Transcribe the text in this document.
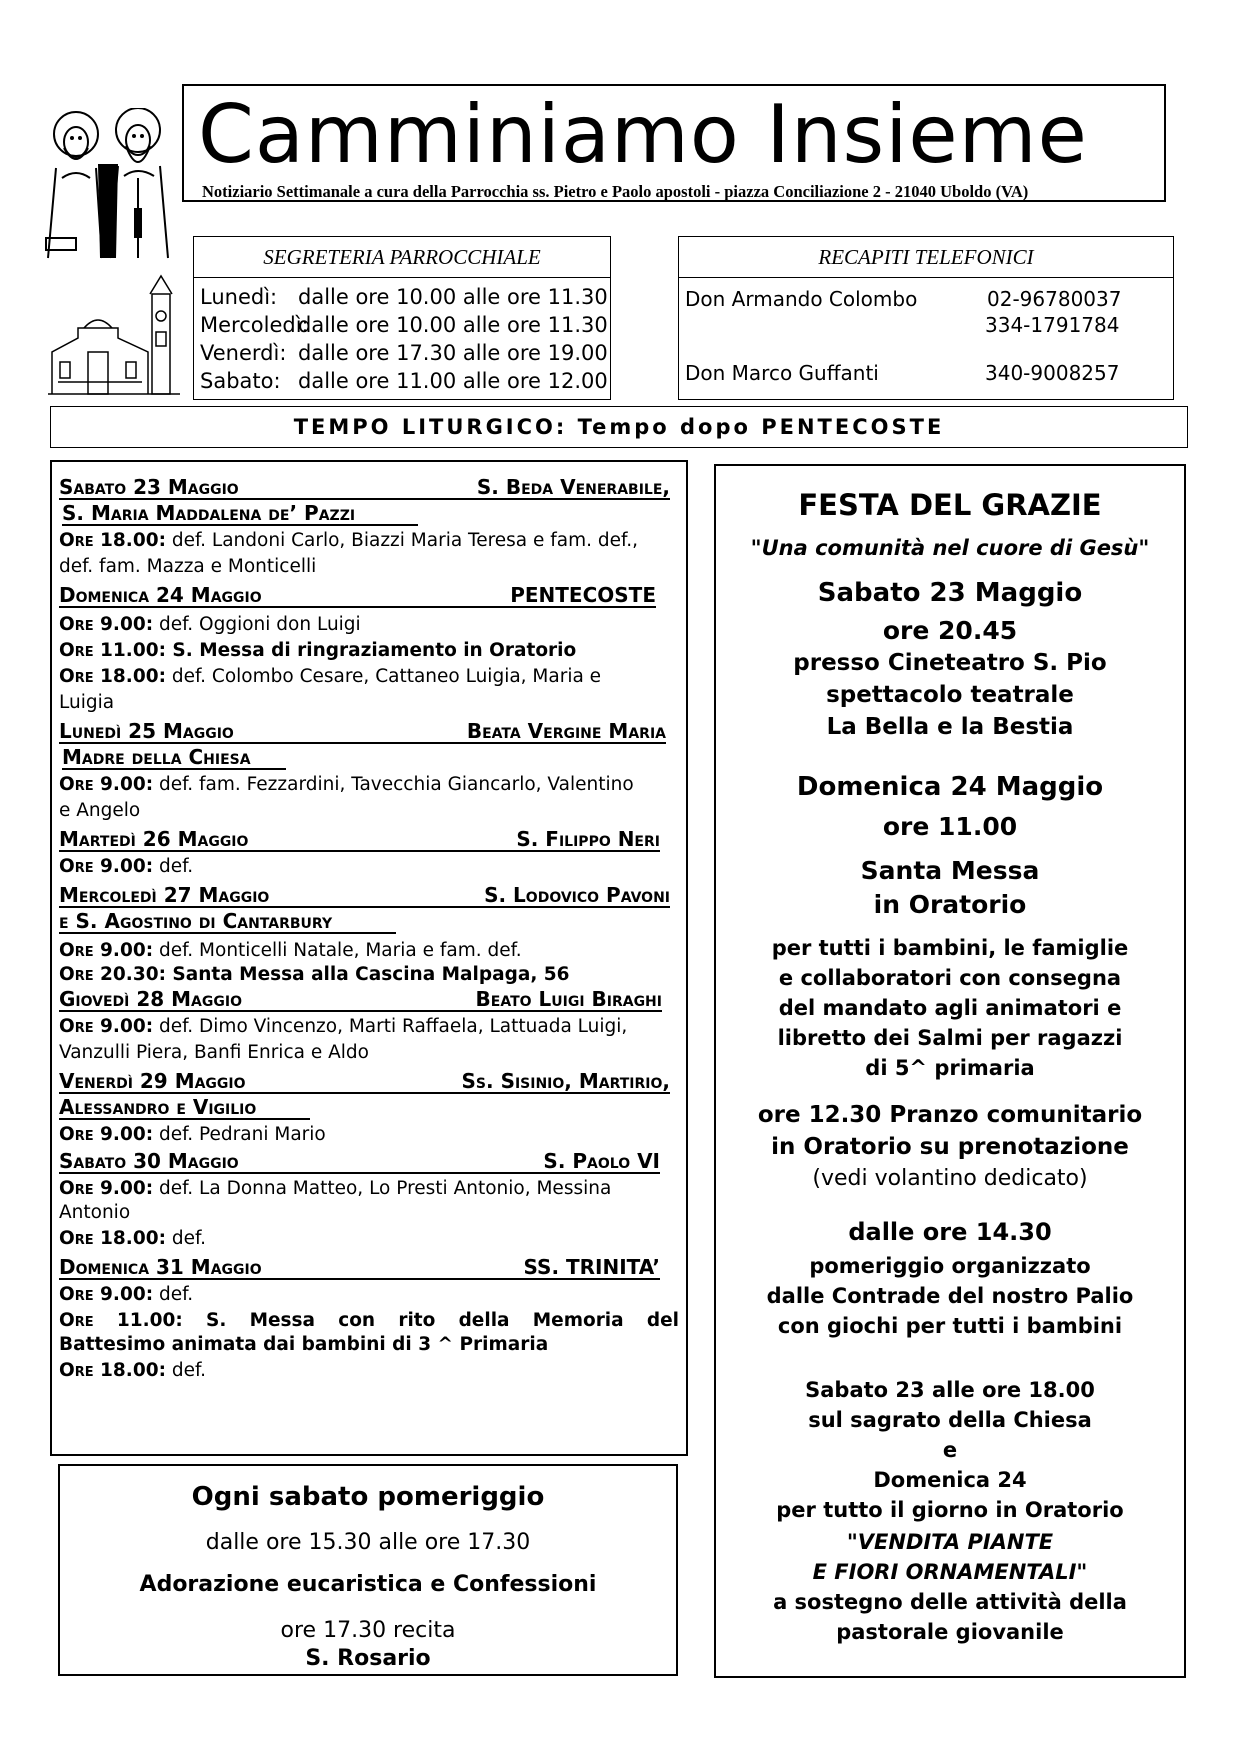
Camminiamo Insieme
Notiziario Settimanale a cura della Parrocchia ss. Pietro e Paolo apostoli - piazza Conciliazione 2 - 21040 Uboldo (VA)
SEGRETERIA PARROCCHIALE
Lunedì: dalle ore 10.00 alle ore 11.30
Mercoledì:dalle ore 10.00 alle ore 11.30
Venerdì: dalle ore 17.30 alle ore 19.00
Sabato: dalle ore 11.00 alle ore 12.00
RECAPITI TELEFONICI
Don Armando Colombo	02-96780037
334-1791784
Don Marco Guffanti	340-9008257
TEMPO LITURGICO: Tempo dopo PENTECOSTE
Sabato 23 Maggio	S. Beda Venerabile,
S. Maria Maddalena de’ Pazzi
Ore 18.00: def. Landoni Carlo, Biazzi Maria Teresa e fam. def.,
def. fam. Mazza e Monticelli
Domenica 24 Maggio	PENTECOSTE
Ore 9.00: def. Oggioni don Luigi
Ore 11.00: S. Messa di ringraziamento in Oratorio
Ore 18.00: def. Colombo Cesare, Cattaneo Luigia, Maria e
Luigia
Lunedì 25 Maggio	Beata Vergine Maria
Madre della Chiesa
Ore 9.00: def. fam. Fezzardini, Tavecchia Giancarlo, Valentino
e Angelo
Martedì 26 Maggio	S. Filippo Neri
Ore 9.00: def.
Mercoledì 27 Maggio	S. Lodovico Pavoni
e S. Agostino di Cantarbury
Ore 9.00: def. Monticelli Natale, Maria e fam. def.
Ore 20.30: Santa Messa alla Cascina Malpaga, 56
Giovedì 28 Maggio	Beato Luigi Biraghi
Ore 9.00: def. Dimo Vincenzo, Marti Raffaela, Lattuada Luigi,
Vanzulli Piera, Banfi Enrica e Aldo
Venerdì 29 Maggio	Ss. Sisinio, Martirio,
Alessandro e Vigilio
Ore 9.00: def. Pedrani Mario
Sabato 30 Maggio	S. Paolo VI
Ore 9.00: def. La Donna Matteo, Lo Presti Antonio, Messina
Antonio
Ore 18.00: def.
Domenica 31 Maggio	SS. TRINITA’
Ore 9.00: def.
Ore 11.00: S. Messa con rito della Memoria del
Battesimo animata dai bambini di 3 ^ Primaria
Ore 18.00: def.
Ogni sabato pomeriggio
dalle ore 15.30 alle ore 17.30
Adorazione eucaristica e Confessioni
ore 17.30 recita
S. Rosario
FESTA DEL GRAZIE
"Una comunità nel cuore di Gesù"
Sabato 23 Maggio
ore 20.45
presso Cineteatro S. Pio
spettacolo teatrale
La Bella e la Bestia
Domenica 24 Maggio
ore 11.00
Santa Messa
in Oratorio
per tutti i bambini, le famiglie
e collaboratori con consegna
del mandato agli animatori e
libretto dei Salmi per ragazzi
di 5^ primaria
ore 12.30 Pranzo comunitario
in Oratorio su prenotazione
(vedi volantino dedicato)
dalle ore 14.30
pomeriggio organizzato
dalle Contrade del nostro Palio
con giochi per tutti i bambini
Sabato 23 alle ore 18.00
sul sagrato della Chiesa
e
Domenica 24
per tutto il giorno in Oratorio
"VENDITA PIANTE
E FIORI ORNAMENTALI"
a sostegno delle attività della
pastorale giovanile
